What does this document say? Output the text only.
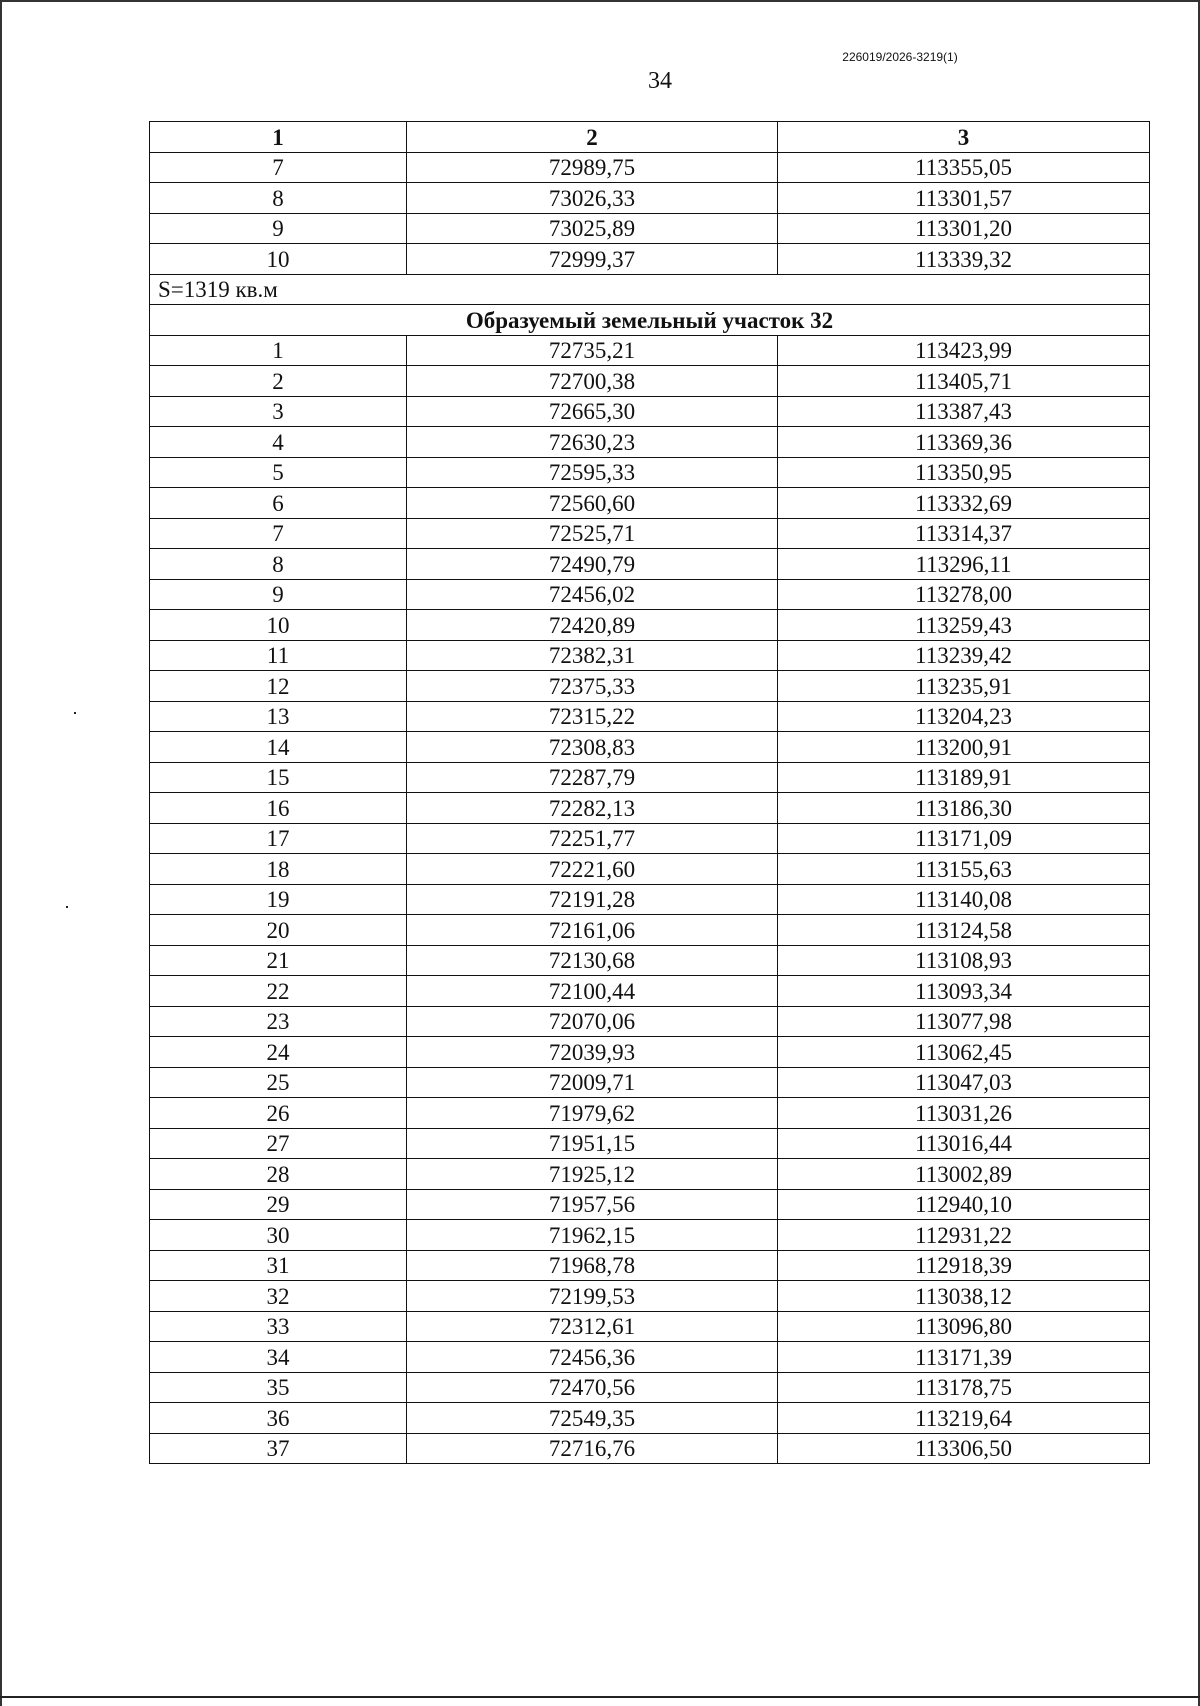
226019/2026-3219(1)
34
1	2	3
7	72989,75	113355,05
8	73026,33	113301,57
9	73025,89	113301,20
10	72999,37	113339,32
S=1319 кв.м		
Образуемый земельный участок 32		
1	72735,21	113423,99
2	72700,38	113405,71
3	72665,30	113387,43
4	72630,23	113369,36
5	72595,33	113350,95
6	72560,60	113332,69
7	72525,71	113314,37
8	72490,79	113296,11
9	72456,02	113278,00
10	72420,89	113259,43
11	72382,31	113239,42
12	72375,33	113235,91
13	72315,22	113204,23
14	72308,83	113200,91
15	72287,79	113189,91
16	72282,13	113186,30
17	72251,77	113171,09
18	72221,60	113155,63
19	72191,28	113140,08
20	72161,06	113124,58
21	72130,68	113108,93
22	72100,44	113093,34
23	72070,06	113077,98
24	72039,93	113062,45
25	72009,71	113047,03
26	71979,62	113031,26
27	71951,15	113016,44
28	71925,12	113002,89
29	71957,56	112940,10
30	71962,15	112931,22
31	71968,78	112918,39
32	72199,53	113038,12
33	72312,61	113096,80
34	72456,36	113171,39
35	72470,56	113178,75
36	72549,35	113219,64
37	72716,76	113306,50
